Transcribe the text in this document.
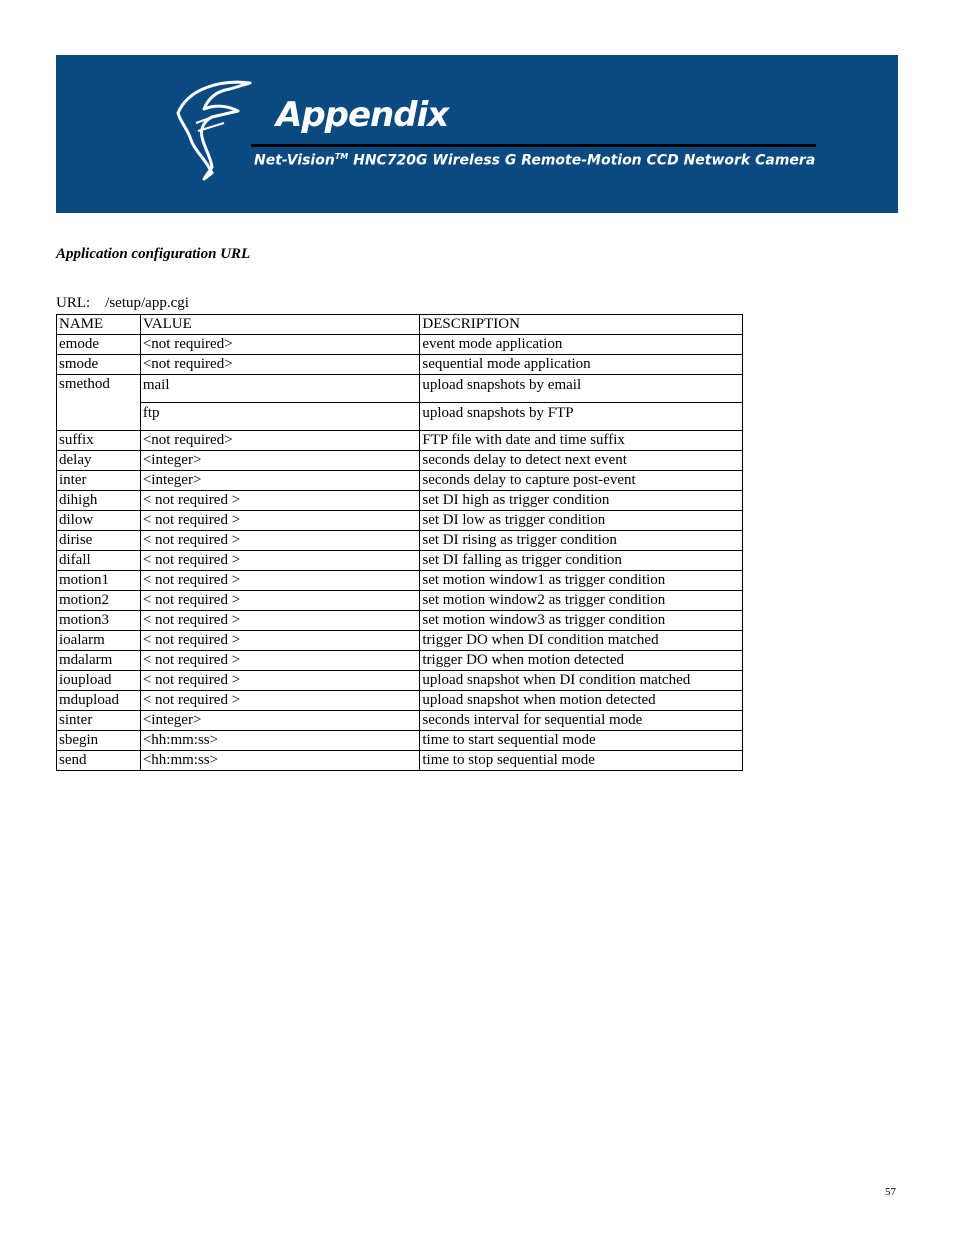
Appendix
Net-Vision™ HNC720G Wireless G Remote-Motion CCD Network Camera
Application configuration URL
URL: /setup/app.cgi
NAME	VALUE	DESCRIPTION
emode	<not required>	event mode application
smode	<not required>	sequential mode application
smethod	mail	upload snapshots by email
	ftp	upload snapshots by FTP
suffix	<not required>	FTP file with date and time suffix
delay	<integer>	seconds delay to detect next event
inter	<integer>	seconds delay to capture post-event
dihigh	< not required >	set DI high as trigger condition
dilow	< not required >	set DI low as trigger condition
dirise	< not required >	set DI rising as trigger condition
difall	< not required >	set DI falling as trigger condition
motion1	< not required >	set motion window1 as trigger condition
motion2	< not required >	set motion window2 as trigger condition
motion3	< not required >	set motion window3 as trigger condition
ioalarm	< not required >	trigger DO when DI condition matched
mdalarm	< not required >	trigger DO when motion detected
ioupload	< not required >	upload snapshot when DI condition matched
mdupload	< not required >	upload snapshot when motion detected
sinter	<integer>	seconds interval for sequential mode
sbegin	<hh:mm:ss>	time to start sequential mode
send	<hh:mm:ss>	time to stop sequential mode
57
